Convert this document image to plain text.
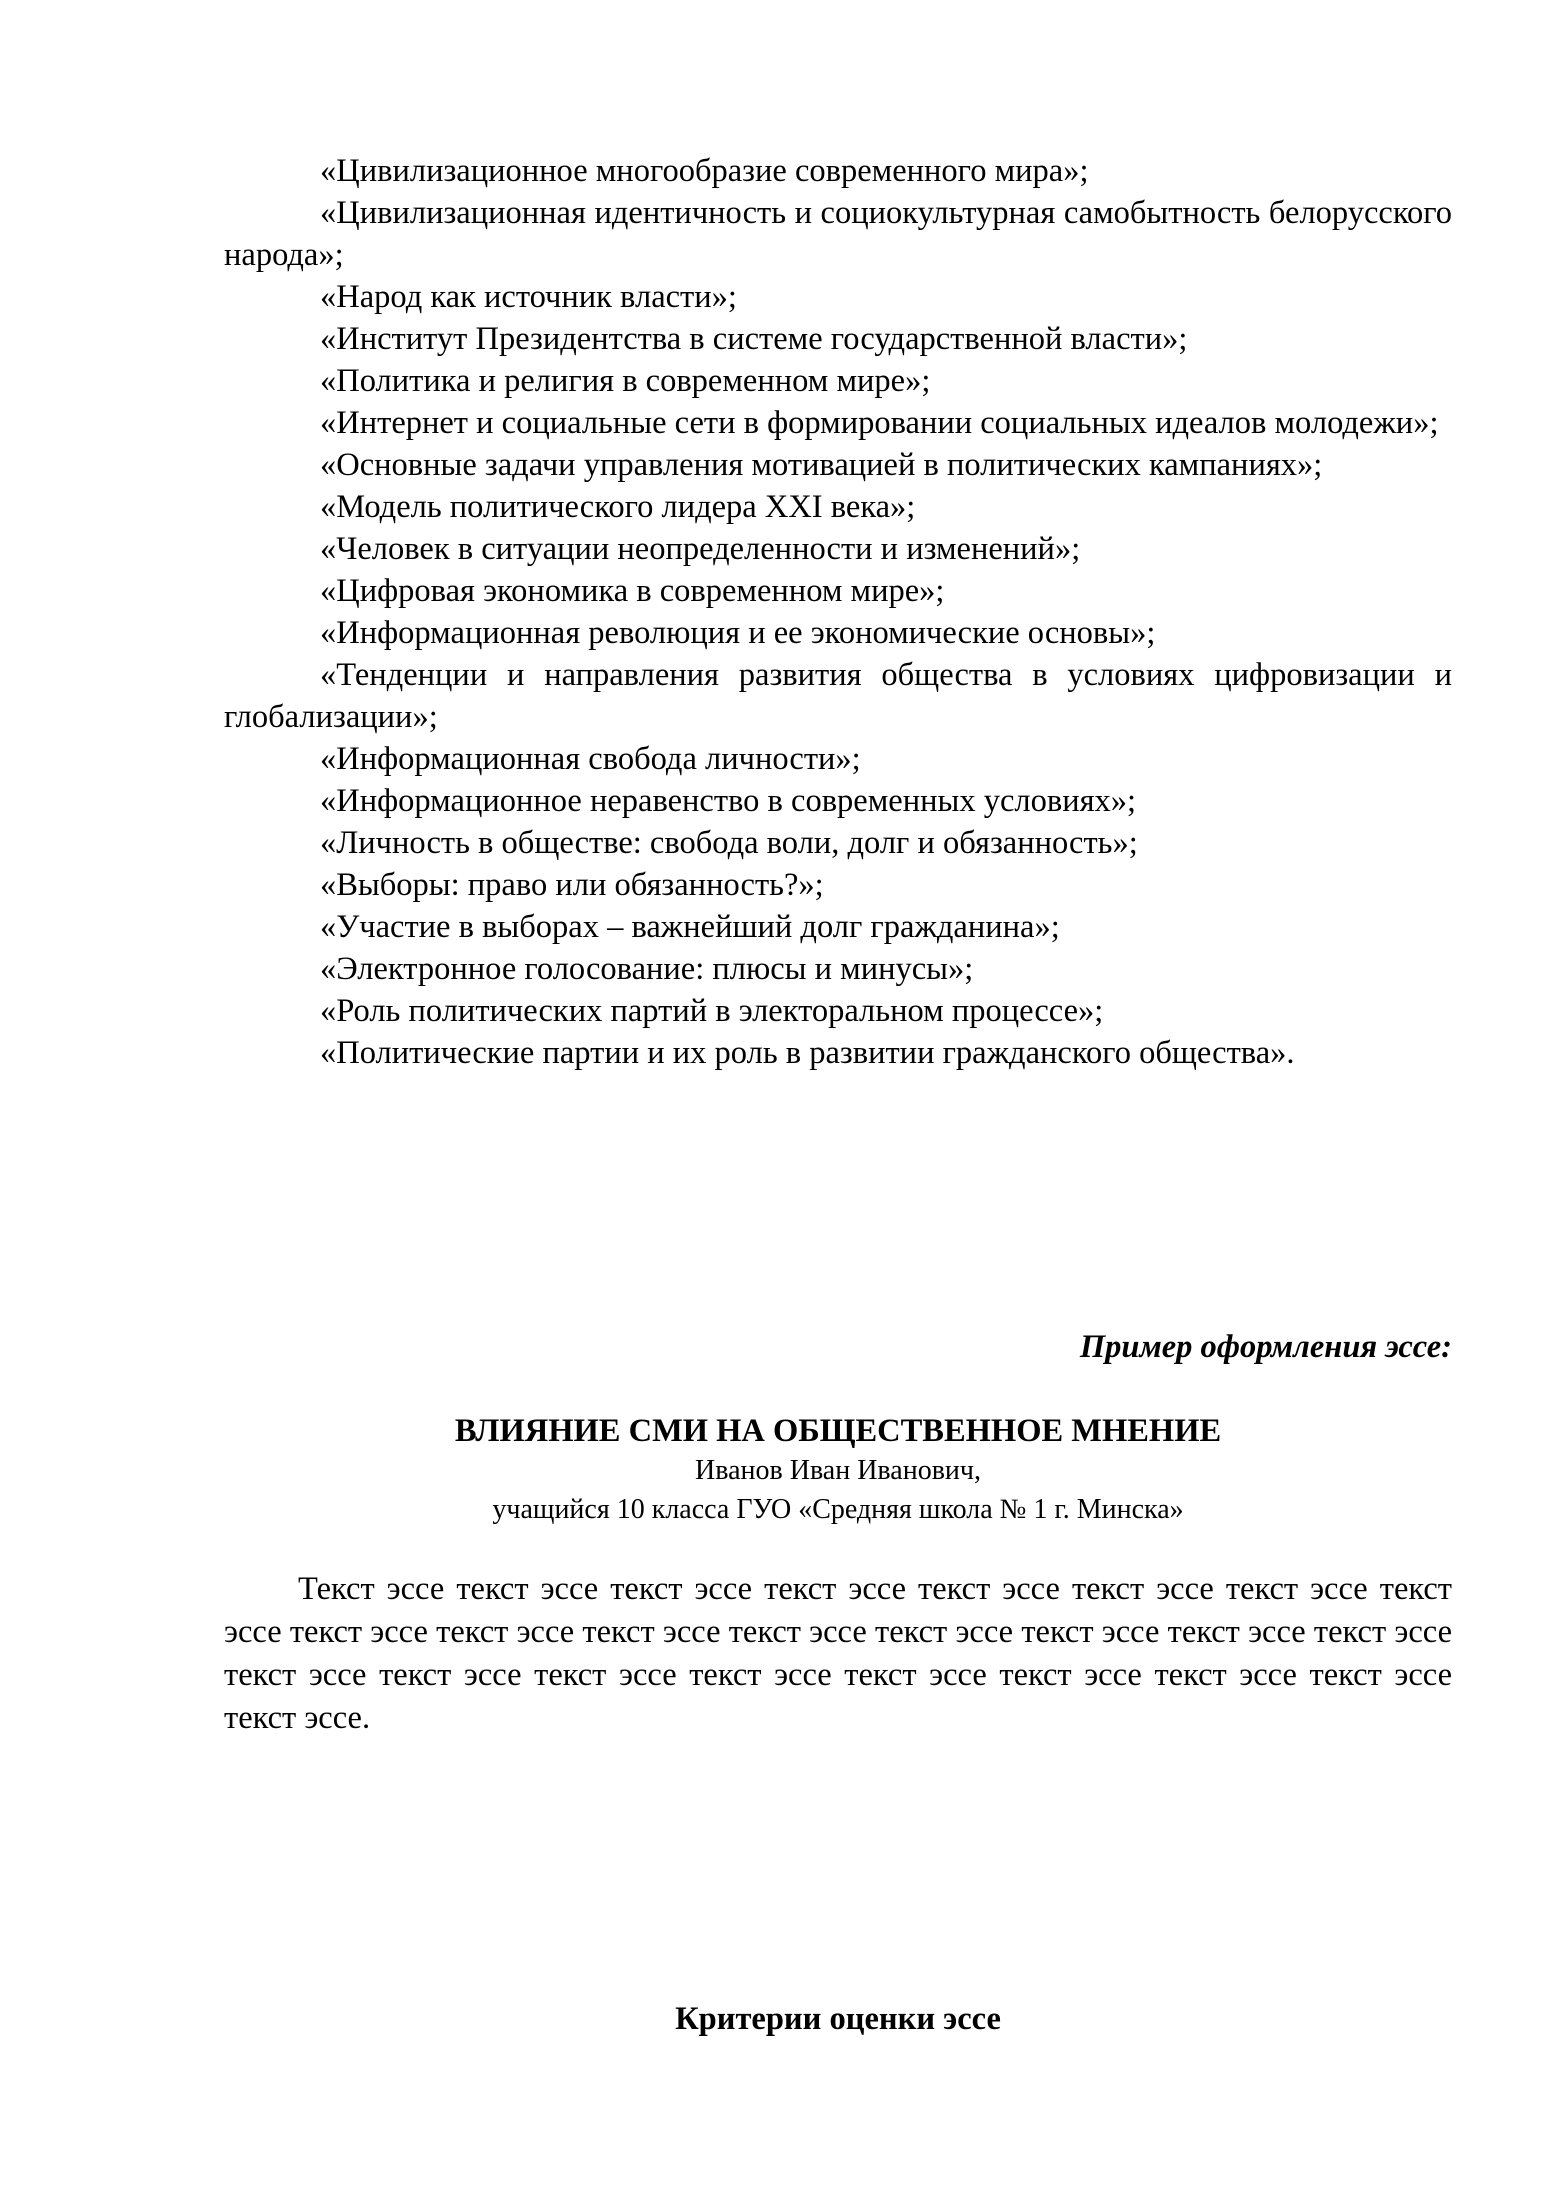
«Цивилизационное многообразие современного мира»;
«Цивилизационная идентичность и социокультурная самобытность белорусского народа»;
«Народ как источник власти»;
«Институт Президентства в системе государственной власти»;
«Политика и религия в современном мире»;
«Интернет и социальные сети в формировании социальных идеалов молодежи»;
«Основные задачи управления мотивацией в политических кампаниях»;
«Модель политического лидера XXI века»;
«Человек в ситуации неопределенности и изменений»;
«Цифровая экономика в современном мире»;
«Информационная революция и ее экономические основы»;
«Тенденции и направления развития общества в условиях цифровизации и глобализации»;
«Информационная свобода личности»;
«Информационное неравенство в современных условиях»;
«Личность в обществе: свобода воли, долг и обязанность»;
«Выборы: право или обязанность?»;
«Участие в выборах – важнейший долг гражданина»;
«Электронное голосование: плюсы и минусы»;
«Роль политических партий в электоральном процессе»;
«Политические партии и их роль в развитии гражданского общества».

Пример оформления эссе:

ВЛИЯНИЕ СМИ НА ОБЩЕСТВЕННОЕ МНЕНИЕ

Иванов Иван Иванович,

учащийся 10 класса ГУО «Средняя школа № 1 г. Минска»

Текст эссе текст эссе текст эссе текст эссе текст эссе текст эссе текст эссе текст эссе текст эссе текст эссе текст эссе текст эссе текст эссе текст эссе текст эссе текст эссе текст эссе текст эссе текст эссе текст эссе текст эссе текст эссе текст эссе текст эссе текст эссе.

Критерии оценки эссе
